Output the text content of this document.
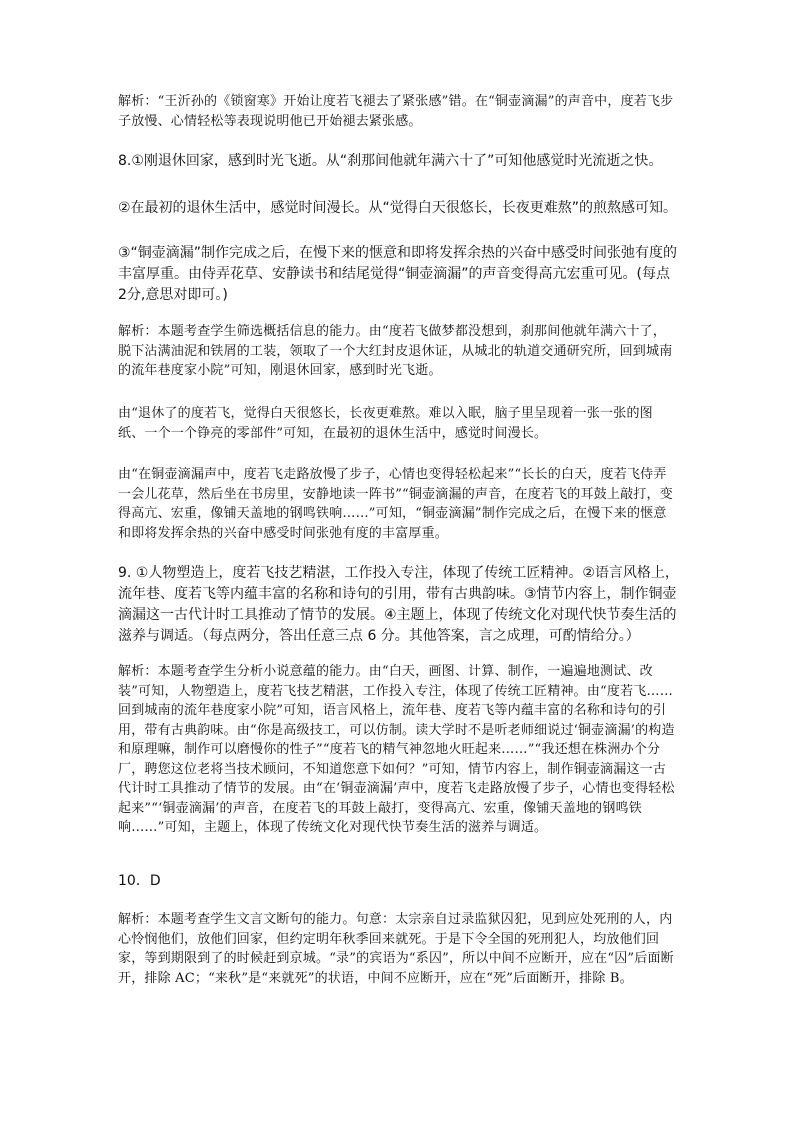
解析：“王沂孙的《锁窗寒》开始让度若飞褪去了紧张感”错。在“铜壶滴漏”的声音中，度若飞步子放慢、心情轻松等表现说明他已开始褪去紧张感。

8.①刚退休回家，感到时光飞逝。从“刹那间他就年满六十了”可知他感觉时光流逝之快。

②在最初的退休生活中，感觉时间漫长。从“觉得白天很悠长，长夜更难熬”的煎熬感可知。

③“铜壶滴漏”制作完成之后，在慢下来的惬意和即将发挥余热的兴奋中感受时间张弛有度的丰富厚重。由侍弄花草、安静读书和结尾觉得“铜壶滴漏”的声音变得高亢宏重可见。(每点2分,意思对即可。)

解析：本题考查学生筛选概括信息的能力。由“度若飞做梦都没想到，刹那间他就年满六十了，脱下沾满油泥和铁屑的工装，领取了一个大红封皮退休证，从城北的轨道交通研究所，回到城南的流年巷度家小院”可知，刚退休回家，感到时光飞逝。

由“退休了的度若飞，觉得白天很悠长，长夜更难熬。难以入眠，脑子里呈现着一张一张的图纸、一个一个铮亮的零部件”可知，在最初的退休生活中，感觉时间漫长。

由“在铜壶滴漏声中，度若飞走路放慢了步子，心情也变得轻松起来”“长长的白天，度若飞侍弄一会儿花草，然后坐在书房里，安静地读一阵书”“铜壶滴漏的声音，在度若飞的耳鼓上敲打，变得高亢、宏重，像铺天盖地的钢鸣铁响……”可知，“铜壶滴漏”制作完成之后，在慢下来的惬意和即将发挥余热的兴奋中感受时间张弛有度的丰富厚重。

9. ①人物塑造上，度若飞技艺精湛，工作投入专注，体现了传统工匠精神。②语言风格上，流年巷、度若飞等内蕴丰富的名称和诗句的引用，带有古典韵味。③情节内容上，制作铜壶滴漏这一古代计时工具推动了情节的发展。④主题上，体现了传统文化对现代快节奏生活的滋养与调适。（每点两分，答出任意三点 6 分。其他答案，言之成理，可酌情给分。）

解析：本题考查学生分析小说意蕴的能力。由“白天，画图、计算、制作，一遍遍地测试、改装”可知，人物塑造上，度若飞技艺精湛，工作投入专注，体现了传统工匠精神。由“度若飞……回到城南的流年巷度家小院”可知，语言风格上，流年巷、度若飞等内蕴丰富的名称和诗句的引用，带有古典韵味。由“你是高级技工，可以仿制。读大学时不是听老师细说过‘铜壶滴漏’的构造和原理嘛，制作可以磨慢你的性子”“度若飞的精气神忽地火旺起来……”“我还想在株洲办个分厂，聘您这位老将当技术顾问，不知道您意下如何？”可知，情节内容上，制作铜壶滴漏这一古代计时工具推动了情节的发展。由“在‘铜壶滴漏’声中，度若飞走路放慢了步子，心情也变得轻松起来”“‘铜壶滴漏’的声音，在度若飞的耳鼓上敲打，变得高亢、宏重，像铺天盖地的钢鸣铁响……”可知，主题上，体现了传统文化对现代快节奏生活的滋养与调适。

10．D

解析：本题考查学生文言文断句的能力。句意：太宗亲自过录监狱囚犯，见到应处死刑的人，内心怜悯他们，放他们回家，但约定明年秋季回来就死。于是下令全国的死刑犯人，均放他们回家，等到期限到了的时候赶到京城。“录”的宾语为“系囚”，所以中间不应断开，应在“囚”后面断开，排除 AC；“来秋”是“来就死”的状语，中间不应断开，应在“死”后面断开，排除 B。
